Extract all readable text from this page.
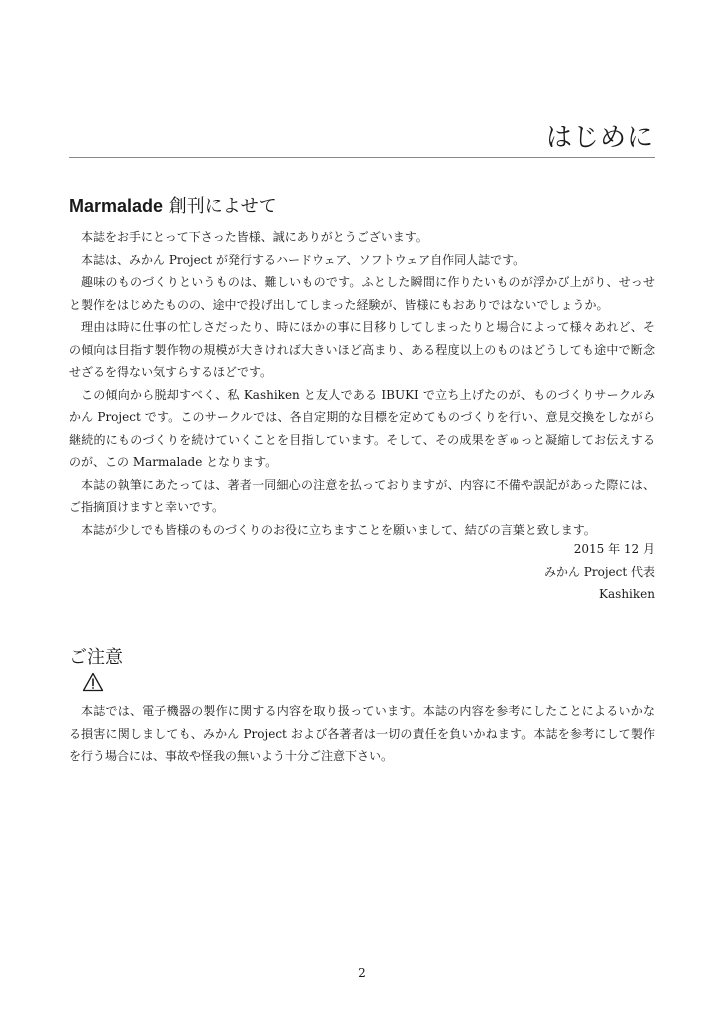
はじめに
Marmalade 創刊によせて

本誌をお手にとって下さった皆様、誠にありがとうございます。

本誌は、みかん Project が発行するハードウェア、ソフトウェア自作同人誌です。

趣味のものづくりというものは、難しいものです。ふとした瞬間に作りたいものが浮かび上がり、せっせと製作をはじめたものの、途中で投げ出してしまった経験が、皆様にもおありではないでしょうか。

理由は時に仕事の忙しさだったり、時にほかの事に目移りしてしまったりと場合によって様々あれど、その傾向は目指す製作物の規模が大きければ大きいほど高まり、ある程度以上のものはどうしても途中で断念せざるを得ない気すらするほどです。

この傾向から脱却すべく、私 Kashiken と友人である IBUKI で立ち上げたのが、ものづくりサークルみかん Project です。このサークルでは、各自定期的な目標を定めてものづくりを行い、意見交換をしながら継続的にものづくりを続けていくことを目指しています。そして、その成果をぎゅっと凝縮してお伝えするのが、この Marmalade となります。

本誌の執筆にあたっては、著者一同細心の注意を払っておりますが、内容に不備や誤記があった際には、ご指摘頂けますと幸いです。

本誌が少しでも皆様のものづくりのお役に立ちますことを願いまして、結びの言葉と致します。

2015 年 12 月
みかん Project 代表
Kashiken
ご注意

本誌では、電子機器の製作に関する内容を取り扱っています。本誌の内容を参考にしたことによるいかなる損害に関しましても、みかん Project および各著者は一切の責任を負いかねます。本誌を参考にして製作を行う場合には、事故や怪我の無いよう十分ご注意下さい。

2
